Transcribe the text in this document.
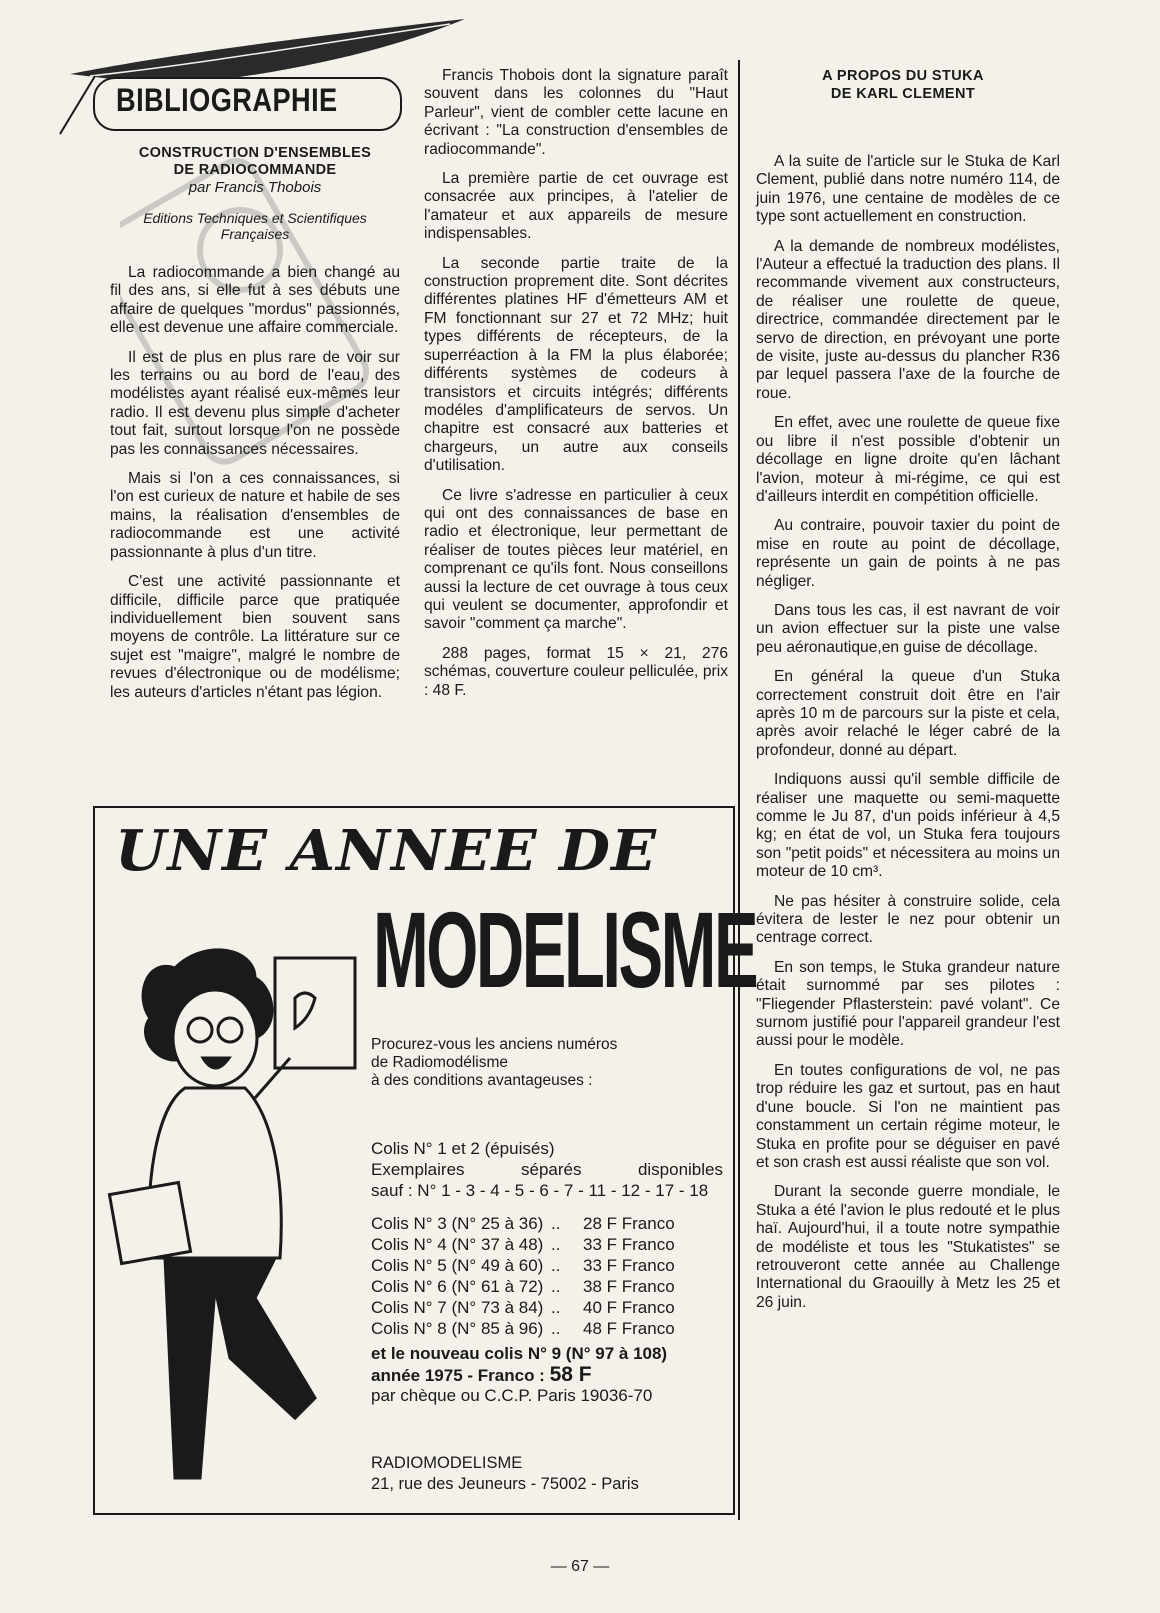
BIBLIOGRAPHIE
CONSTRUCTION D'ENSEMBLES
DE RADIOCOMMANDE
par Francis Thobois
Editions Techniques et Scientifiques
Françaises

La radiocommande a bien changé au fil des ans, si elle fut à ses débuts une affaire de quelques "mordus" passionnés, elle est devenue une affaire commerciale.

Il est de plus en plus rare de voir sur les terrains ou au bord de l'eau, des modélistes ayant réalisé eux-mêmes leur radio. Il est devenu plus simple d'acheter tout fait, surtout lorsque l'on ne possède pas les connaissances nécessaires.

Mais si l'on a ces connaissances, si l'on est curieux de nature et habile de ses mains, la réalisation d'ensembles de radiocommande est une activité passionnante à plus d'un titre.

C'est une activité passionnante et difficile, difficile parce que pratiquée individuellement bien souvent sans moyens de contrôle. La littérature sur ce sujet est "maigre", malgré le nombre de revues d'électronique ou de modélisme; les auteurs d'articles n'étant pas légion.

Francis Thobois dont la signature paraît souvent dans les colonnes du "Haut Parleur", vient de combler cette lacune en écrivant : "La construction d'ensembles de radiocommande".

La première partie de cet ouvrage est consacrée aux principes, à l'atelier de l'amateur et aux appareils de mesure indispensables.

La seconde partie traite de la construction proprement dite. Sont décrites différentes platines HF d'émetteurs AM et FM fonctionnant sur 27 et 72 MHz; huit types différents de récepteurs, de la superréaction à la FM la plus élaborée; différents systèmes de codeurs à transistors et circuits intégrés; différents modéles d'amplificateurs de servos. Un chapitre est consacré aux batteries et chargeurs, un autre aux conseils d'utilisation.

Ce livre s'adresse en particulier à ceux qui ont des connaissances de base en radio et électronique, leur permettant de réaliser de toutes pièces leur matériel, en comprenant ce qu'ils font. Nous conseillons aussi la lecture de cet ouvrage à tous ceux qui veulent se documenter, approfondir et savoir "comment ça marche".

288 pages, format 15 × 21, 276 schémas, couverture couleur pelliculée, prix : 48 F.

A PROPOS DU STUKA
DE KARL CLEMENT

A la suite de l'article sur le Stuka de Karl Clement, publié dans notre numéro 114, de juin 1976, une centaine de modèles de ce type sont actuellement en construction.

A la demande de nombreux modélistes, l'Auteur a effectué la traduction des plans. Il recommande vivement aux constructeurs, de réaliser une roulette de queue, directrice, commandée directement par le servo de direction, en prévoyant une porte de visite, juste au-dessus du plancher R36 par lequel passera l'axe de la fourche de roue.

En effet, avec une roulette de queue fixe ou libre il n'est possible d'obtenir un décollage en ligne droite qu'en lâchant l'avion, moteur à mi-régime, ce qui est d'ailleurs interdit en compétition officielle.

Au contraire, pouvoir taxier du point de mise en route au point de décollage, représente un gain de points à ne pas négliger.

Dans tous les cas, il est navrant de voir un avion effectuer sur la piste une valse peu aéronautique,en guise de décollage.

En général la queue d'un Stuka correctement construit doit être en l'air après 10 m de parcours sur la piste et cela, après avoir relaché le léger cabré de la profondeur, donné au départ.

Indiquons aussi qu'il semble difficile de réaliser une maquette ou semi-maquette comme le Ju 87, d'un poids inférieur à 4,5 kg; en état de vol, un Stuka fera toujours son "petit poids" et nécessitera au moins un moteur de 10 cm³.

Ne pas hésiter à construire solide, cela évitera de lester le nez pour obtenir un centrage correct.

En son temps, le Stuka grandeur nature était surnommé par ses pilotes : "Fliegender Pflasterstein: pavé volant". Ce surnom justifié pour l'appareil grandeur l'est aussi pour le modèle.

En toutes configurations de vol, ne pas trop réduire les gaz et surtout, pas en haut d'une boucle. Si l'on ne maintient pas constamment un certain régime moteur, le Stuka en profite pour se déguiser en pavé et son crash est aussi réaliste que son vol.

Durant la seconde guerre mondiale, le Stuka a été l'avion le plus redouté et le plus haï. Aujourd'hui, il a toute notre sympathie de modéliste et tous les "Stukatistes" se retrouveront cette année au Challenge International du Graouilly à Metz les 25 et 26 juin.

UNE ANNEE DE
MODELISME
Procurez-vous les anciens numéros
de Radiomodélisme
à des conditions avantageuses :
Colis N° 1 et 2 (épuisés)
Exemplaires	séparés	disponibles
sauf : N° 1 - 3 - 4 - 5 - 6 - 7 - 11 - 12 - 17 - 18
Colis N° 3 (N° 25 à 36) ..	28 F Franco
Colis N° 4 (N° 37 à 48) ..	33 F Franco
Colis N° 5 (N° 49 à 60) ..	33 F Franco
Colis N° 6 (N° 61 à 72) ..	38 F Franco
Colis N° 7 (N° 73 à 84) ..	40 F Franco
Colis N° 8 (N° 85 à 96) ..	48 F Franco
et le nouveau colis N° 9 (N° 97 à 108)
année 1975 - Franco : 58 F
par chèque ou C.C.P. Paris 19036-70
RADIOMODELISME
21, rue des Jeuneurs - 75002 - Paris
— 67 —
